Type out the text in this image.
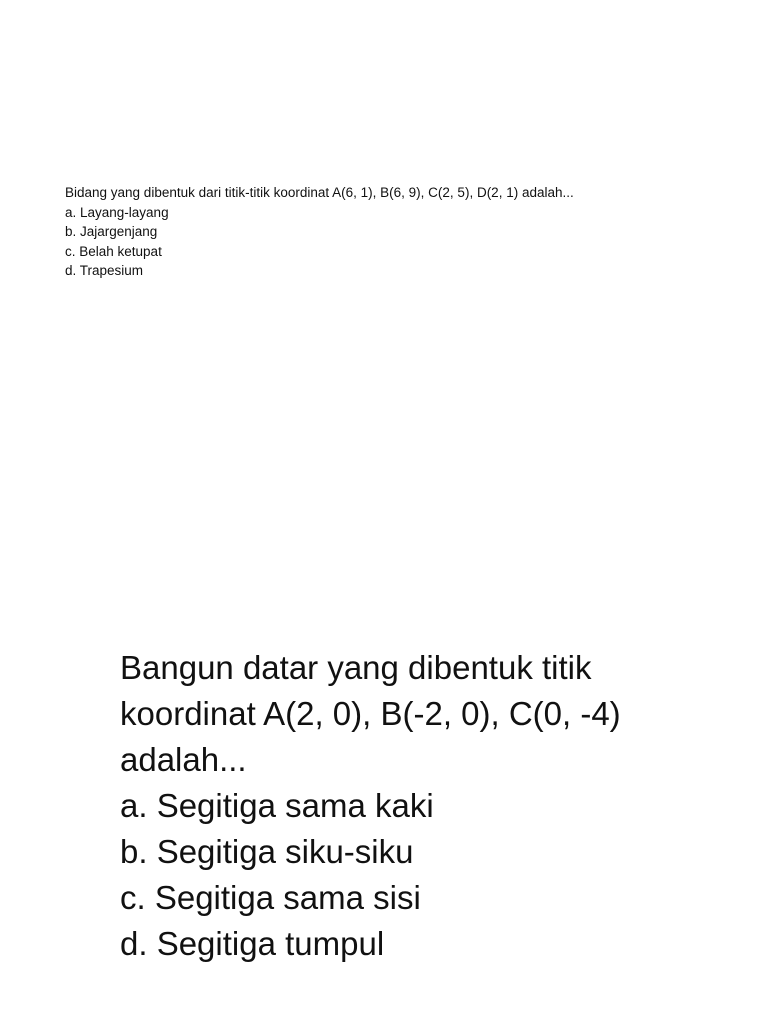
Bidang yang dibentuk dari titik-titik koordinat A(6, 1), B(6, 9), C(2, 5), D(2, 1) adalah...
a. Layang-layang
b. Jajargenjang
c. Belah ketupat
d. Trapesium
Bangun datar yang dibentuk titik
koordinat A(2, 0), B(-2, 0), C(0, -4)
adalah...
a. Segitiga sama kaki
b. Segitiga siku-siku
c. Segitiga sama sisi
d. Segitiga tumpul
